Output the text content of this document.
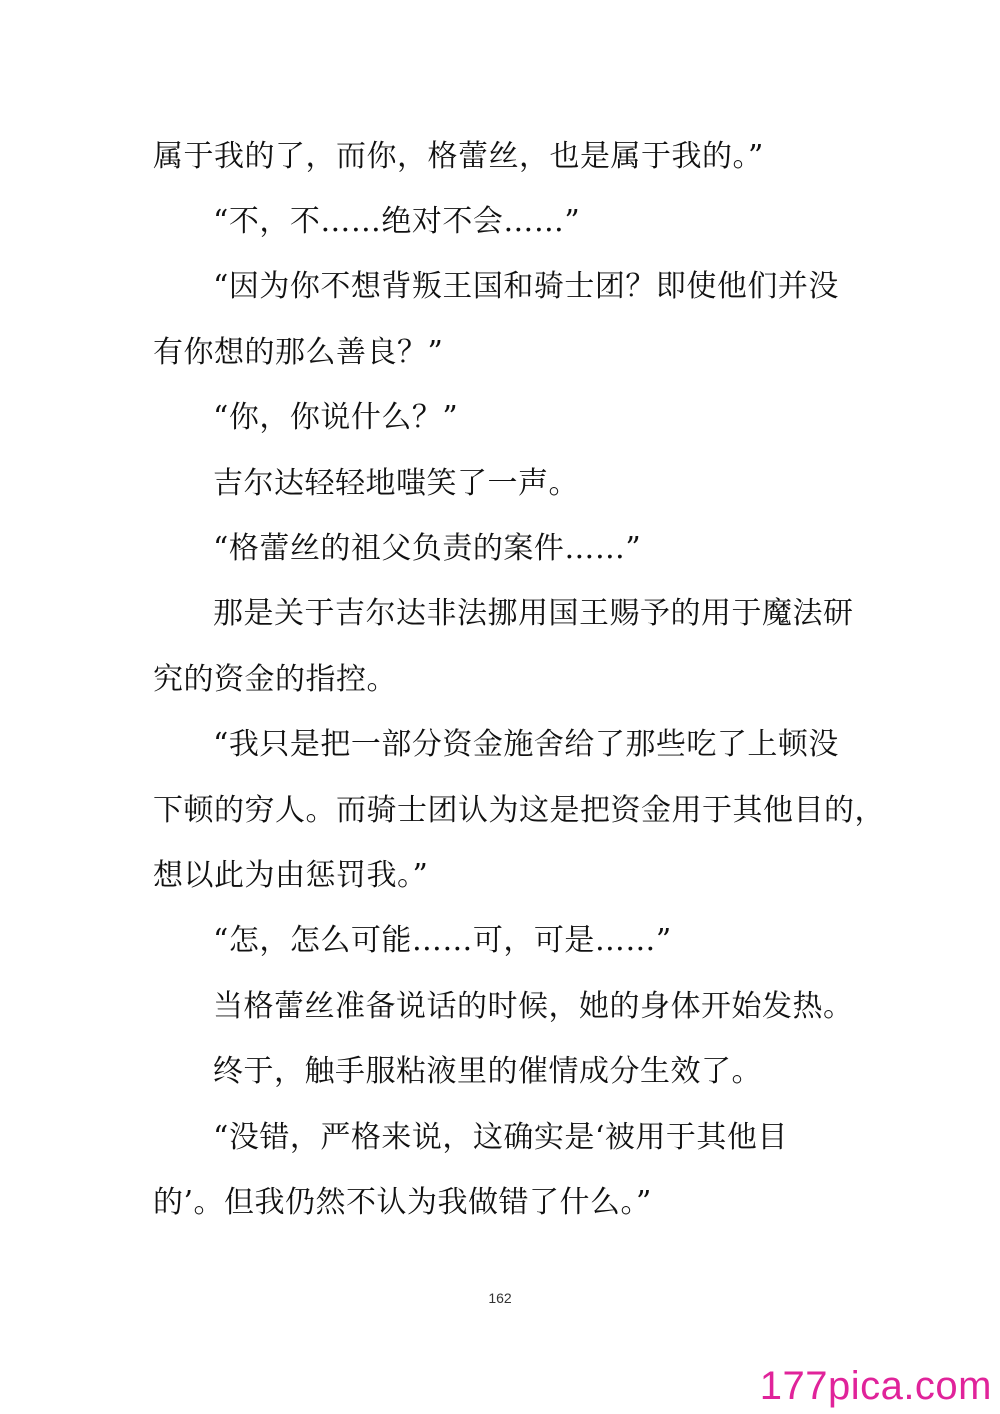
属于我的了，而你，格蕾丝，也是属于我的。”
“不，不……绝对不会……”
“因为你不想背叛王国和骑士团？即使他们并没
有你想的那么善良？”
“你，你说什么？”
吉尔达轻轻地嗤笑了一声。
“格蕾丝的祖父负责的案件……”
那是关于吉尔达非法挪用国王赐予的用于魔法研
究的资金的指控。
“我只是把一部分资金施舍给了那些吃了上顿没
下顿的穷人。而骑士团认为这是把资金用于其他目的，
想以此为由惩罚我。”
“怎，怎么可能……可，可是……”
当格蕾丝准备说话的时候，她的身体开始发热。
终于，触手服粘液里的催情成分生效了。
“没错，严格来说，这确实是‘被用于其他目
的’。但我仍然不认为我做错了什么。”
162
177pica.com
